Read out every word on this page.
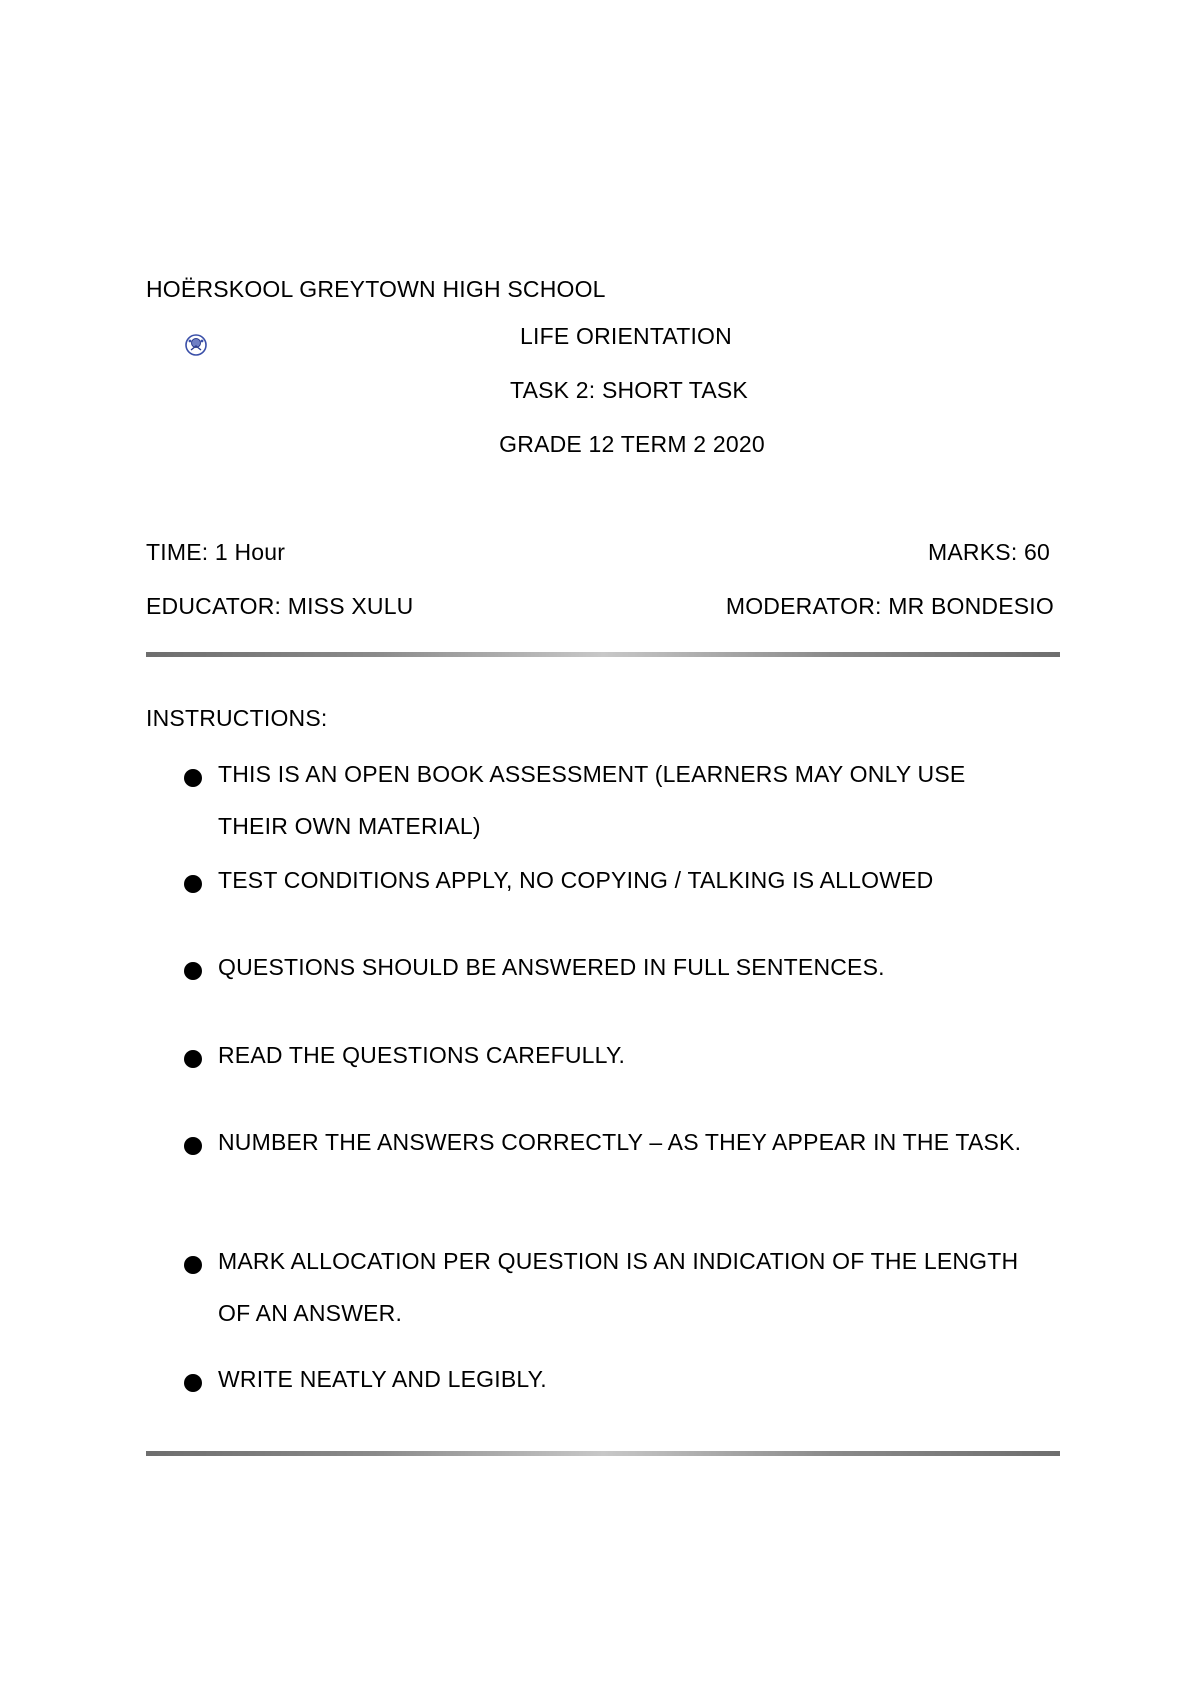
HOËRSKOOL GREYTOWN HIGH SCHOOL
LIFE ORIENTATION
TASK 2: SHORT TASK
GRADE 12 TERM 2 2020
TIME: 1 Hour	MARKS: 60
EDUCATOR: MISS XULU	MODERATOR: MR BONDESIO
INSTRUCTIONS:
THIS IS AN OPEN BOOK ASSESSMENT (LEARNERS MAY ONLY USE THEIR OWN MATERIAL)
TEST CONDITIONS APPLY, NO COPYING / TALKING IS ALLOWED
QUESTIONS SHOULD BE ANSWERED IN FULL SENTENCES.
READ THE QUESTIONS CAREFULLY.
NUMBER THE ANSWERS CORRECTLY – AS THEY APPEAR IN THE TASK.
MARK ALLOCATION PER QUESTION IS AN INDICATION OF THE LENGTH OF AN ANSWER.
WRITE NEATLY AND LEGIBLY.
